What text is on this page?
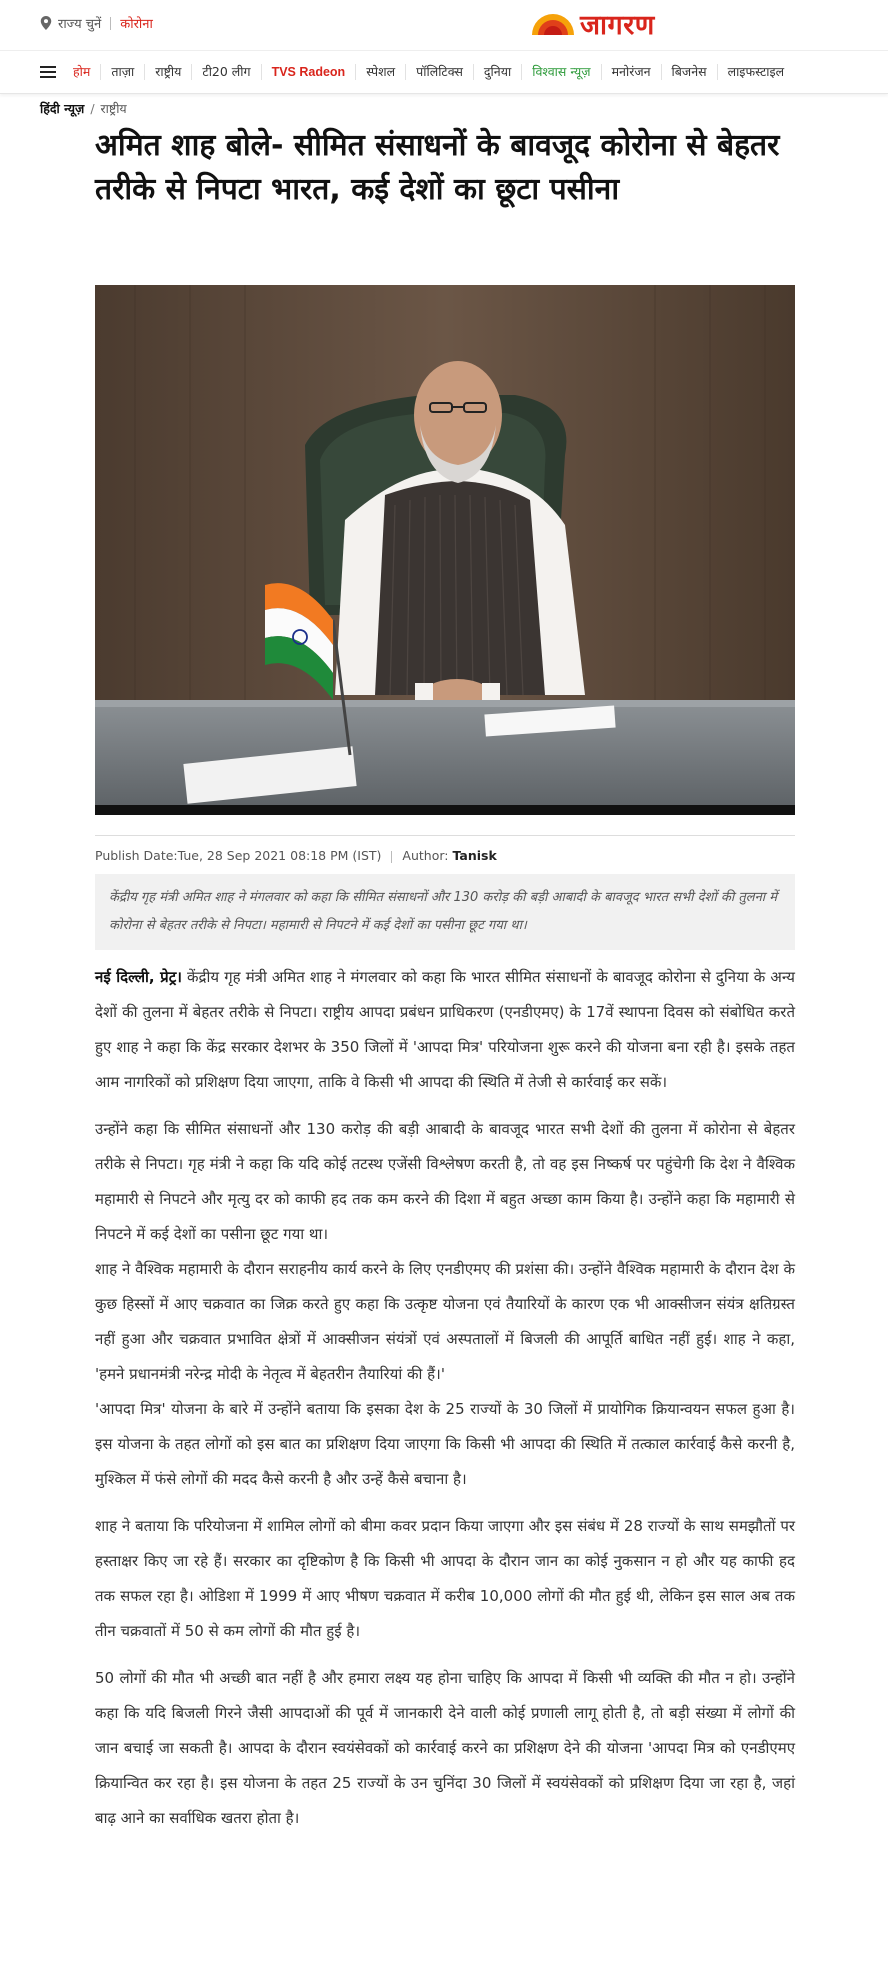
राज्य चुनें कोरोना	जागरण
होम	ताज़ा	राष्ट्रीय	टी20 लीग	TVS Radeon	स्पेशल	पॉलिटिक्स	दुनिया	विश्वास न्यूज़	मनोरंजन	बिजनेस	लाइफस्टाइल
हिंदी न्यूज़ / राष्ट्रीय
अमित शाह बोले- सीमित संसाधनों के बावजूद कोरोना से बेहतर तरीके से निपटा भारत, कई देशों का छूटा पसीना
Publish Date:Tue, 28 Sep 2021 08:18 PM (IST) Author: Tanisk
केंद्रीय गृह मंत्री अमित शाह ने मंगलवार को कहा कि सीमित संसाधनों और 130 करोड़ की बड़ी आबादी के बावजूद भारत सभी देशों की तुलना में कोरोना से बेहतर तरीके से निपटा। महामारी से निपटने में कई देशों का पसीना छूट गया था।

नई दिल्ली, प्रेट्र। केंद्रीय गृह मंत्री अमित शाह ने मंगलवार को कहा कि भारत सीमित संसाधनों के बावजूद कोरोना से दुनिया के अन्य देशों की तुलना में बेहतर तरीके से निपटा। राष्ट्रीय आपदा प्रबंधन प्राधिकरण (एनडीएमए) के 17वें स्थापना दिवस को संबोधित करते हुए शाह ने कहा कि केंद्र सरकार देशभर के 350 जिलों में 'आपदा मित्र' परियोजना शुरू करने की योजना बना रही है। इसके तहत आम नागरिकों को प्रशिक्षण दिया जाएगा, ताकि वे किसी भी आपदा की स्थिति में तेजी से कार्रवाई कर सकें।

उन्होंने कहा कि सीमित संसाधनों और 130 करोड़ की बड़ी आबादी के बावजूद भारत सभी देशों की तुलना में कोरोना से बेहतर तरीके से निपटा। गृह मंत्री ने कहा कि यदि कोई तटस्थ एजेंसी विश्लेषण करती है, तो वह इस निष्कर्ष पर पहुंचेगी कि देश ने वैश्विक महामारी से निपटने और मृत्यु दर को काफी हद तक कम करने की दिशा में बहुत अच्छा काम किया है। उन्होंने कहा कि महामारी से निपटने में कई देशों का पसीना छूट गया था।

शाह ने वैश्विक महामारी के दौरान सराहनीय कार्य करने के लिए एनडीएमए की प्रशंसा की। उन्होंने वैश्विक महामारी के दौरान देश के कुछ हिस्सों में आए चक्रवात का जिक्र करते हुए कहा कि उत्कृष्ट योजना एवं तैयारियों के कारण एक भी आक्सीजन संयंत्र क्षतिग्रस्त नहीं हुआ और चक्रवात प्रभावित क्षेत्रों में आक्सीजन संयंत्रों एवं अस्पतालों में बिजली की आपूर्ति बाधित नहीं हुई। शाह ने कहा, 'हमने प्रधानमंत्री नरेन्द्र मोदी के नेतृत्व में बेहतरीन तैयारियां की हैं।'

'आपदा मित्र' योजना के बारे में उन्होंने बताया कि इसका देश के 25 राज्यों के 30 जिलों में प्रायोगिक क्रियान्वयन सफल हुआ है। इस योजना के तहत लोगों को इस बात का प्रशिक्षण दिया जाएगा कि किसी भी आपदा की स्थिति में तत्काल कार्रवाई कैसे करनी है, मुश्किल में फंसे लोगों की मदद कैसे करनी है और उन्हें कैसे बचाना है।

शाह ने बताया कि परियोजना में शामिल लोगों को बीमा कवर प्रदान किया जाएगा और इस संबंध में 28 राज्यों के साथ समझौतों पर हस्ताक्षर किए जा रहे हैं। सरकार का दृष्टिकोण है कि किसी भी आपदा के दौरान जान का कोई नुकसान न हो और यह काफी हद तक सफल रहा है। ओडिशा में 1999 में आए भीषण चक्रवात में करीब 10,000 लोगों की मौत हुई थी, लेकिन इस साल अब तक तीन चक्रवातों में 50 से कम लोगों की मौत हुई है।

50 लोगों की मौत भी अच्छी बात नहीं है और हमारा लक्ष्य यह होना चाहिए कि आपदा में किसी भी व्यक्ति की मौत न हो। उन्होंने कहा कि यदि बिजली गिरने जैसी आपदाओं की पूर्व में जानकारी देने वाली कोई प्रणाली लागू होती है, तो बड़ी संख्या में लोगों की जान बचाई जा सकती है। आपदा के दौरान स्वयंसेवकों को कार्रवाई करने का प्रशिक्षण देने की योजना 'आपदा मित्र को एनडीएमए क्रियान्वित कर रहा है। इस योजना के तहत 25 राज्यों के उन चुनिंदा 30 जिलों में स्वयंसेवकों को प्रशिक्षण दिया जा रहा है, जहां बाढ़ आने का सर्वाधिक खतरा होता है।
